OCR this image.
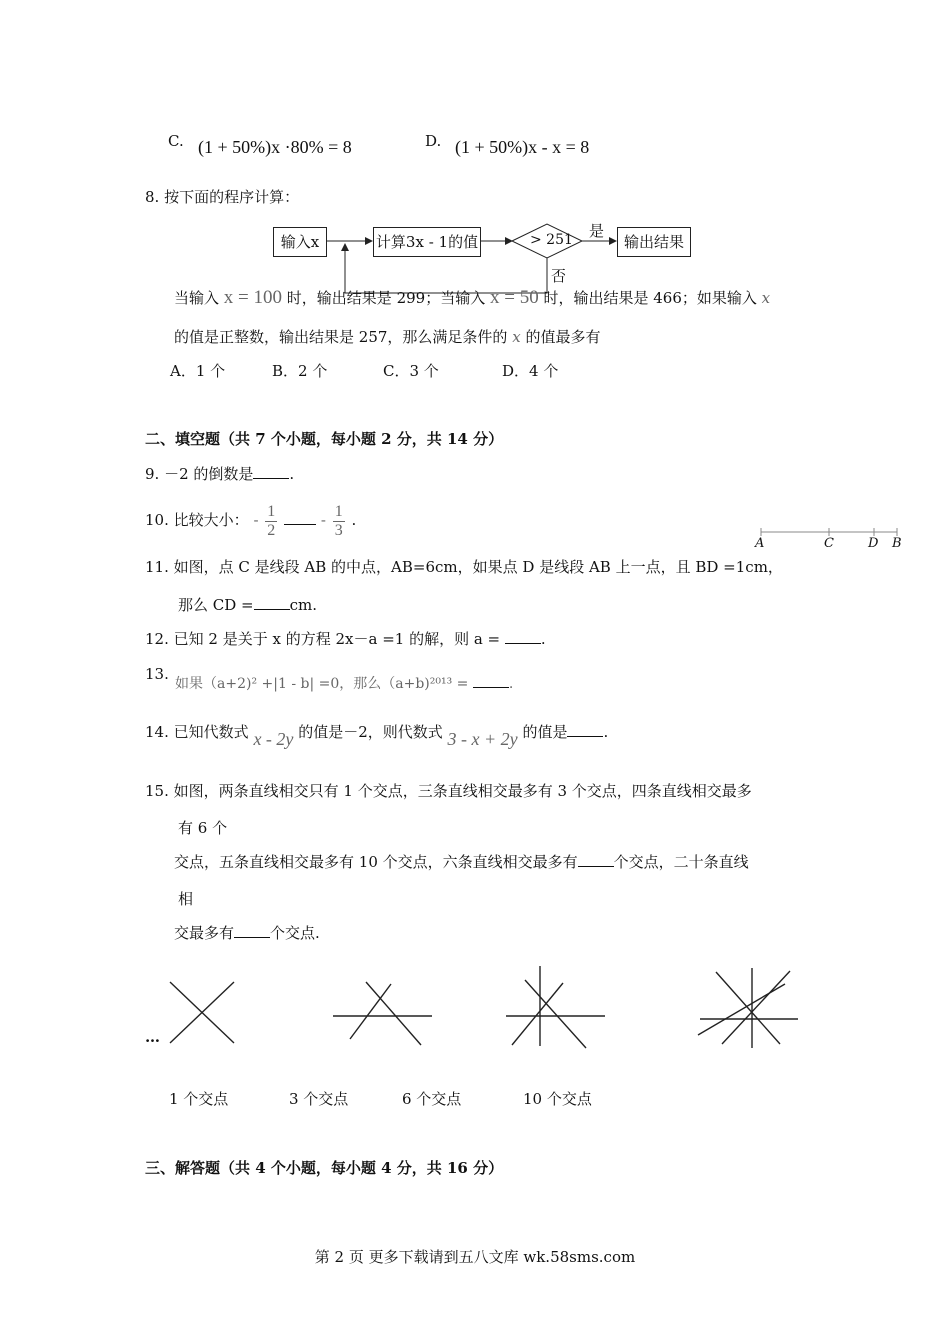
C. (1 + 50%)x ·80% = 8	D. (1 + 50%)x - x = 8
8. 按下面的程序计算：
输入x	计算3x - 1的值	> 251 是
否
输出结果
当输入 x = 100 时，输出结果是 299；当输入 x = 50 时，输出结果是 466；如果输入 x
的值是正整数，输出结果是 257，那么满足条件的 x 的值最多有
A．1 个	B．2 个	C．3 个	D．4 个
二、填空题（共 7 个小题，每小题 2 分，共 14 分）
9. －2 的倒数是 .
10. 比较大小： - $\frac{1}{2}$	- $\frac{1}{3}$ .
A	C	D B
11. 如图，点 C 是线段 AB 的中点，AB=6cm，如果点 D 是线段 AB 上一点，且 BD =1cm，
那么 CD = cm.
12. 已知 2 是关于 x 的方程 2x－a =1 的解，则 a =	.
13.
如果（a+2)² +|1 - b| =0，那么（a+b)²⁰¹³ =	.
14. 已知代数式 x - 2y 的值是－2，则代数式 3 - x + 2y 的值是 .
15. 如图，两条直线相交只有 1 个交点，三条直线相交最多有 3 个交点，四条直线相交最多
有 6 个
交点，五条直线相交最多有 10 个交点，六条直线相交最多有 个交点，二十条直线
相
交最多有 个交点.
…
1 个交点	3 个交点	6 个交点	10 个交点
三、解答题（共 4 个小题，每小题 4 分，共 16 分）
第 2 页 更多下载请到五八文库 wk.58sms.com
